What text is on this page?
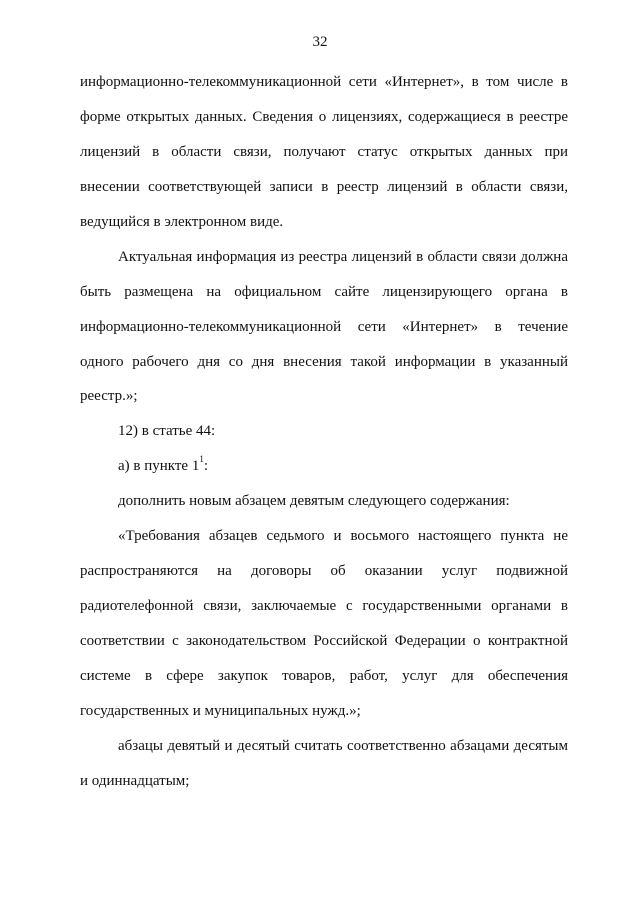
32
информационно-телекоммуникационной сети «Интернет», в том числе в
форме открытых данных. Сведения о лицензиях, содержащиеся в реестре
лицензий в области связи, получают статус открытых данных при
внесении соответствующей записи в реестр лицензий в области связи,
ведущийся в электронном виде.
Актуальная информация из реестра лицензий в области связи должна
быть размещена на официальном сайте лицензирующего органа в
информационно-телекоммуникационной сети «Интернет» в течение
одного рабочего дня со дня внесения такой информации в указанный
реестр.»;
12) в статье 44:
а) в пункте $1^1$:
дополнить новым абзацем девятым следующего содержания:
«Требования абзацев седьмого и восьмого настоящего пункта не
распространяются на договоры об оказании услуг подвижной
радиотелефонной связи, заключаемые с государственными органами в
соответствии с законодательством Российской Федерации о контрактной
системе в сфере закупок товаров, работ, услуг для обеспечения
государственных и муниципальных нужд.»;
абзацы девятый и десятый считать соответственно абзацами десятым
и одиннадцатым;
